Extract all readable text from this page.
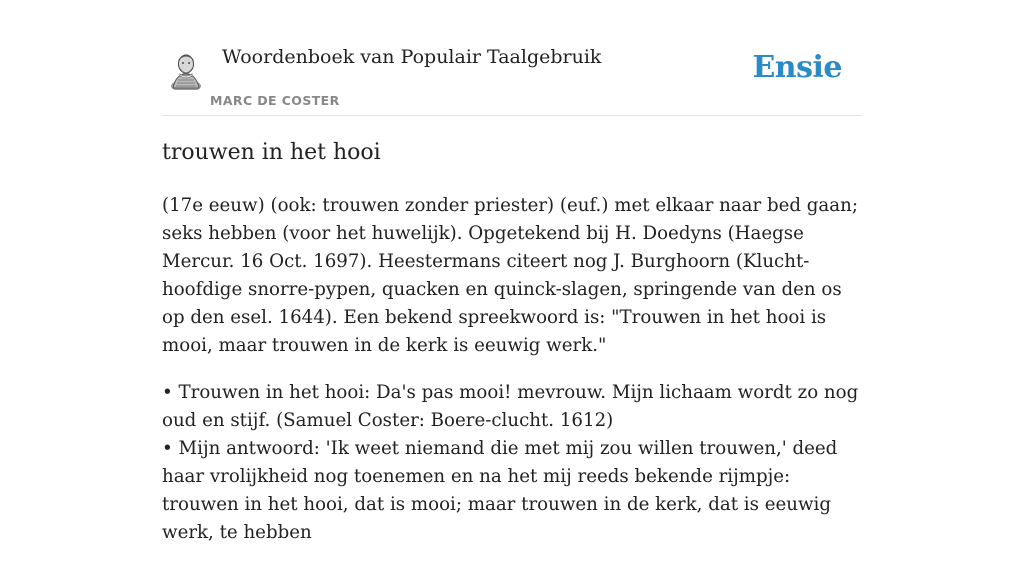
Woordenboek van Populair Taalgebruik
MARC DE COSTER
Ensie
trouwen in het hooi

(17e eeuw) (ook: trouwen zonder priester) (euf.) met elkaar naar bed gaan; seks hebben (voor het huwelijk). Opgetekend bij H. Doedyns (Haegse Mercur. 16 Oct. 1697). Heestermans citeert nog J. Burghoorn (Klucht-hoofdige snorre-pypen, quacken en quinck-slagen, springende van den os op den esel. 1644). Een bekend spreekwoord is: "Trouwen in het hooi is mooi, maar trouwen in de kerk is eeuwig werk."

• Trouwen in het hooi: Da's pas mooi! mevrouw. Mijn lichaam wordt zo nog oud en stijf. (Samuel Coster: Boere-clucht. 1612)
• Mijn antwoord: 'Ik weet niemand die met mij zou willen trouwen,' deed haar vrolijkheid nog toenemen en na het mij reeds bekende rijmpje: trouwen in het hooi, dat is mooi; maar trouwen in de kerk, dat is eeuwig werk, te hebben
